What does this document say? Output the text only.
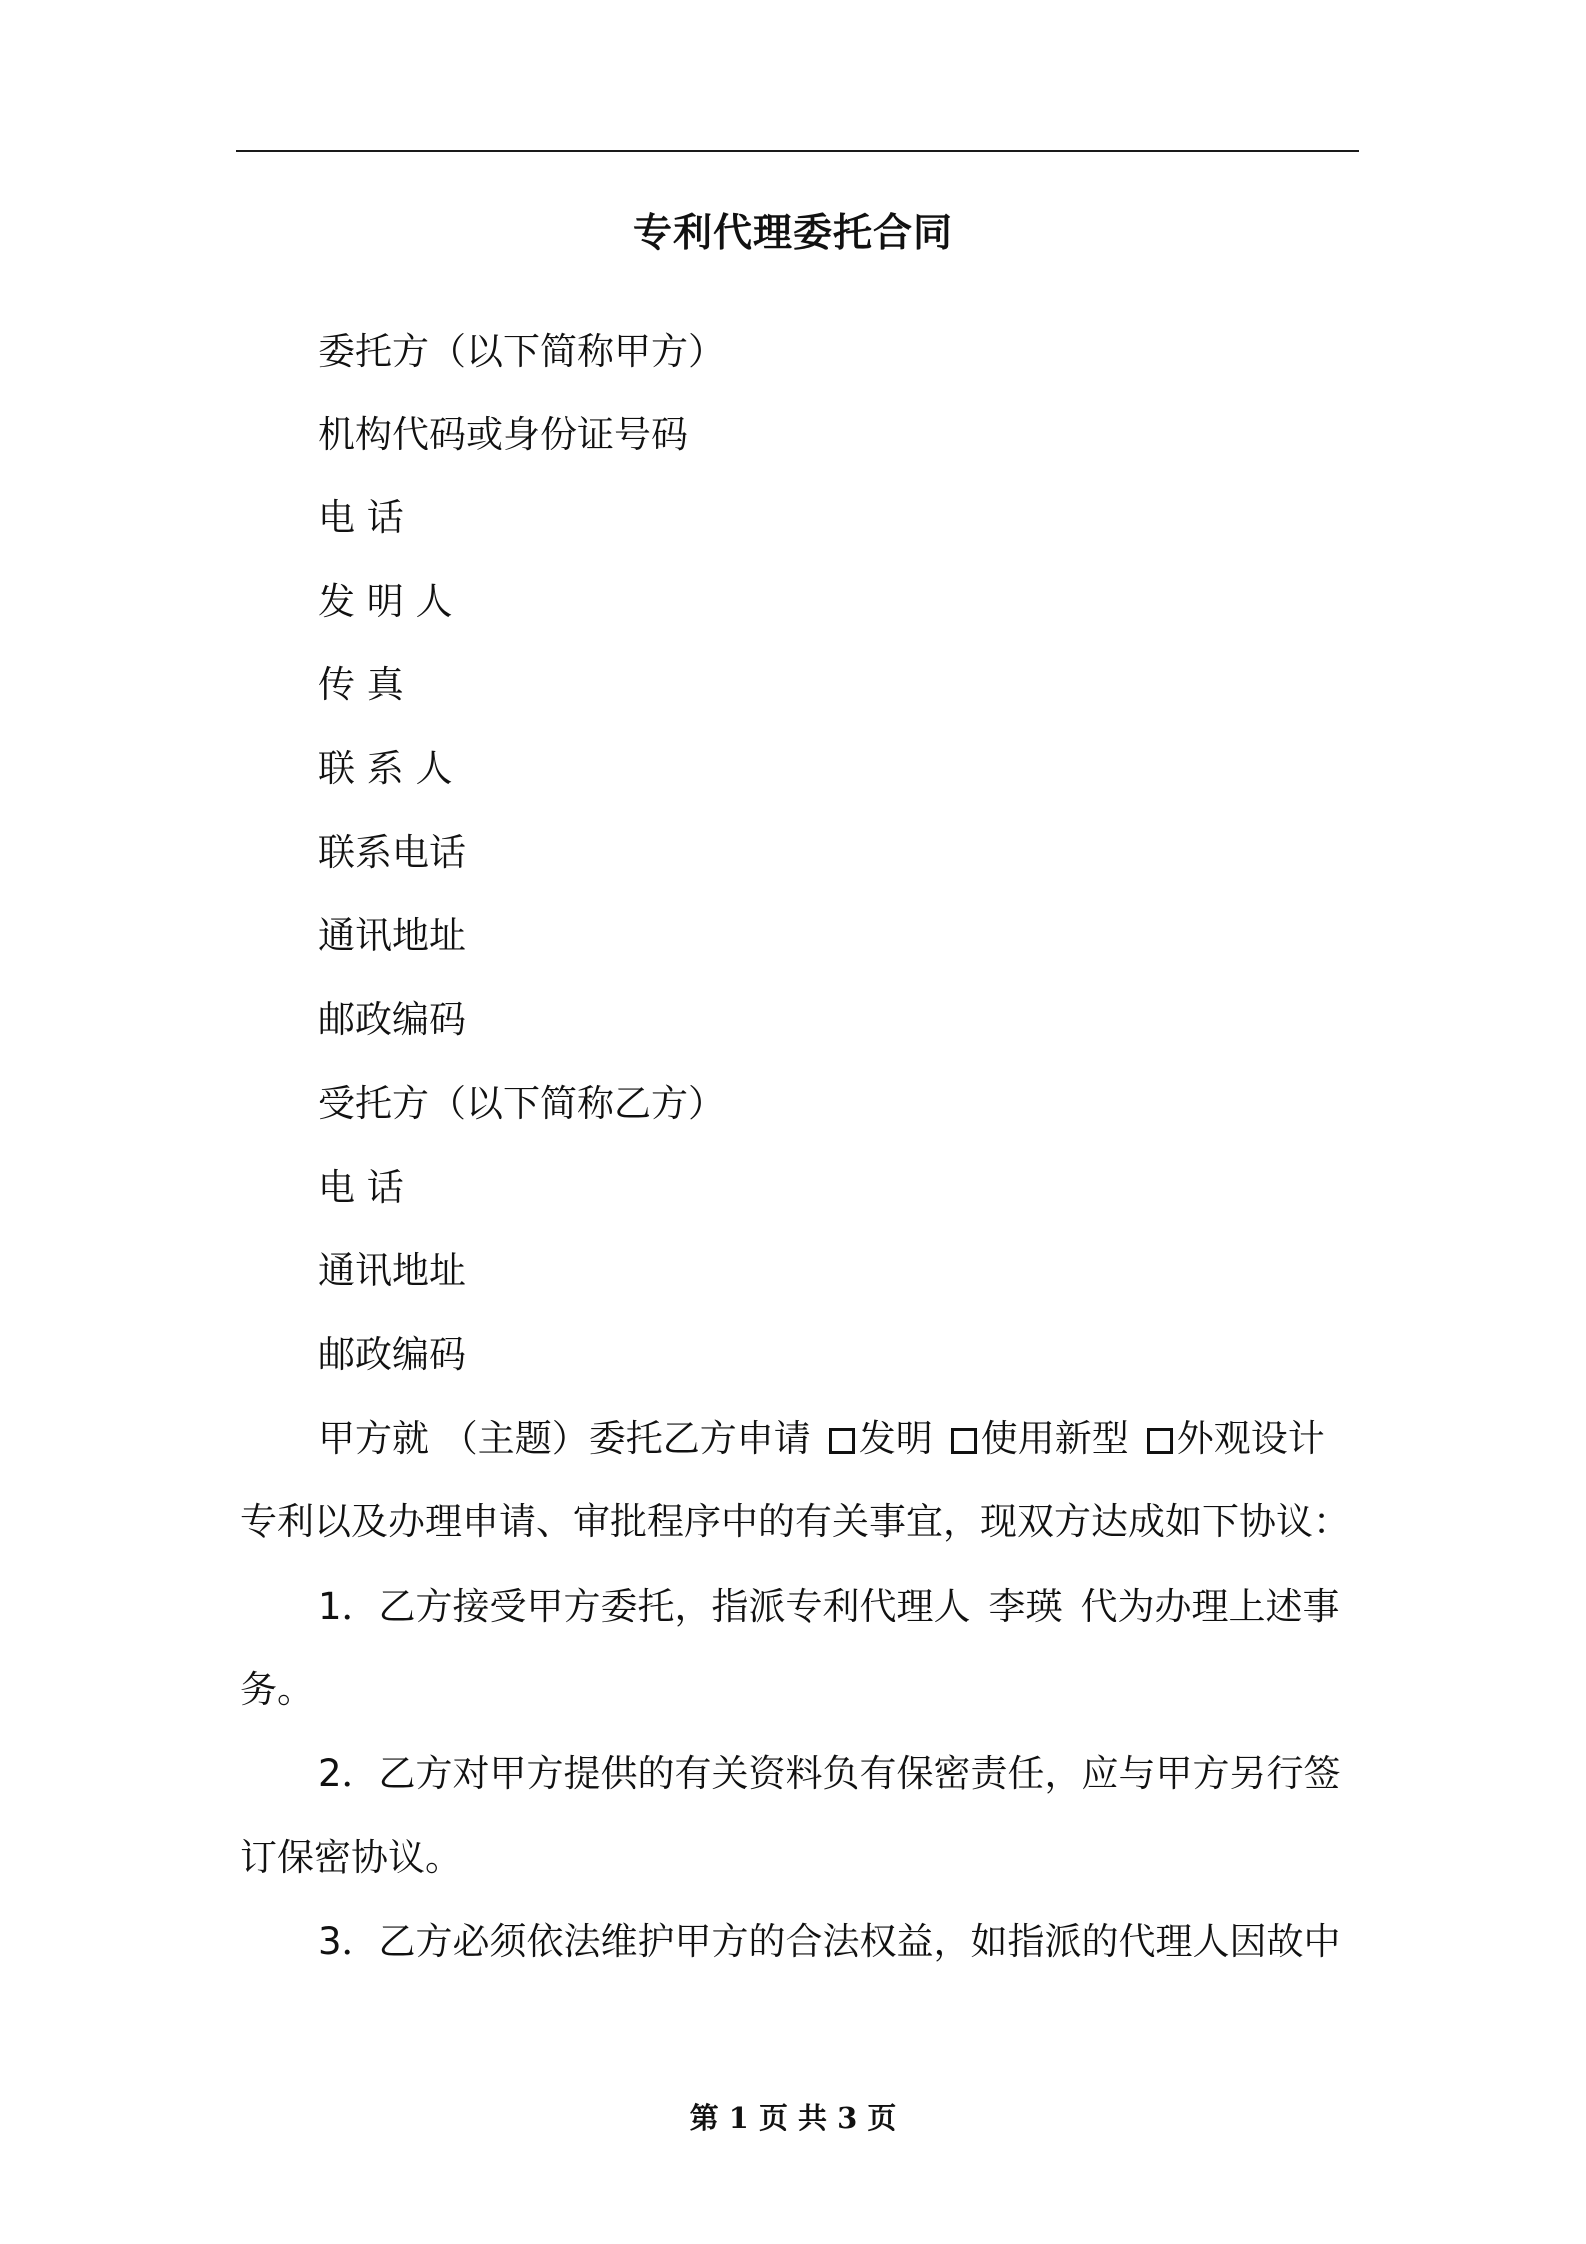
专利代理委托合同
委托方（以下简称甲方）
机构代码或身份证号码
电 话
发 明 人
传 真
联 系 人
联系电话
通讯地址
邮政编码
受托方（以下简称乙方）
电 话
通讯地址
邮政编码
甲方就 （主题）委托乙方申请 发明 使用新型 外观设计
专利以及办理申请、审批程序中的有关事宜，现双方达成如下协议：
1．乙方接受甲方委托，指派专利代理人 李瑛 代为办理上述事
务。
2．乙方对甲方提供的有关资料负有保密责任，应与甲方另行签
订保密协议。
3．乙方必须依法维护甲方的合法权益，如指派的代理人因故中
第 1 页 共 3 页
